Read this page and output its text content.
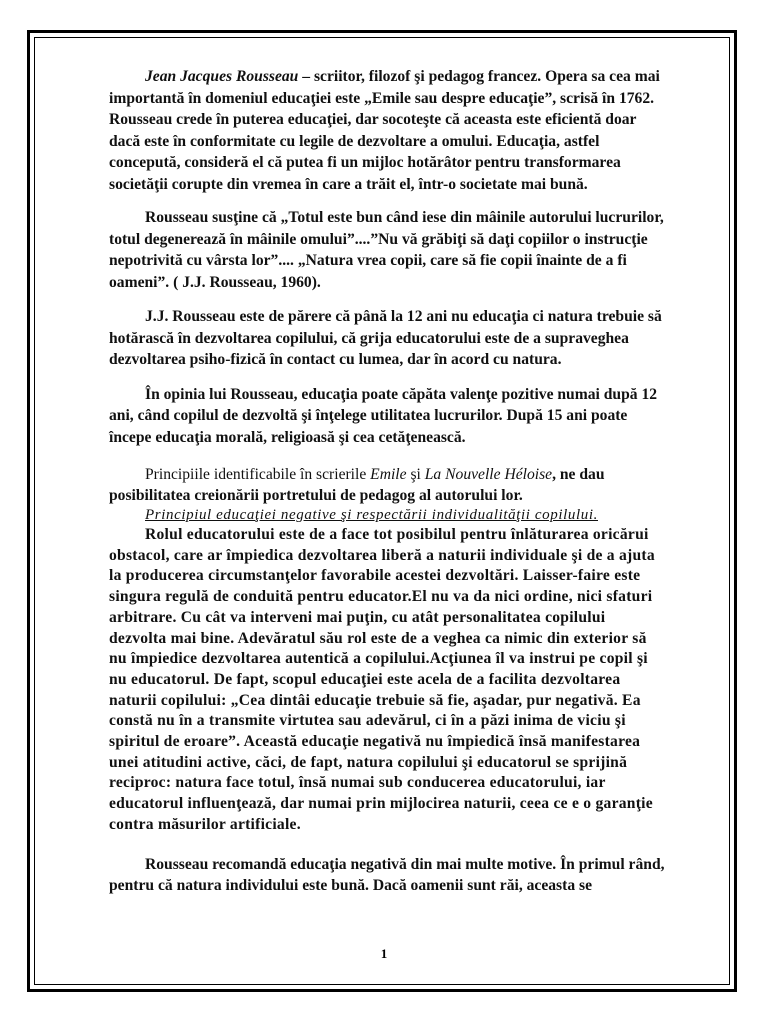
Jean Jacques Rousseau – scriitor, filozof şi pedagog francez. Opera sa cea mai importantă în domeniul educaţiei este „Emile sau despre educaţie”, scrisă în 1762. Rousseau crede în puterea educaţiei, dar socoteşte că aceasta este eficientă doar dacă este în conformitate cu legile de dezvoltare a omului. Educaţia, astfel concepută, consideră el că putea fi un mijloc hotărâtor pentru transformarea societăţii corupte din vremea în care a trăit el, într-o societate mai bună.

Rousseau susţine că „Totul este bun când iese din mâinile autorului lucrurilor, totul degenerează în mâinile omului”....”Nu vă grăbiţi să daţi copiilor o instrucţie nepotrivită cu vârsta lor”.... „Natura vrea copii, care să fie copii înainte de a fi oameni”. ( J.J. Rousseau, 1960).

J.J. Rousseau este de părere că până la 12 ani nu educaţia ci natura trebuie să hotărască în dezvoltarea copilului, că grija educatorului este de a supraveghea dezvoltarea psiho-fizică în contact cu lumea, dar în acord cu natura.

În opinia lui Rousseau, educaţia poate căpăta valenţe pozitive numai după 12 ani, când copilul de dezvoltă şi înţelege utilitatea lucrurilor. După 15 ani poate începe educaţia morală, religioasă şi cea cetăţenească.

Principiile identificabile în scrierile Emile şi La Nouvelle Héloise, ne dau posibilitatea creionării portretului de pedagog al autorului lor.

Principiul educaţiei negative şi respectării individualităţii copilului.

Rolul educatorului este de a face tot posibilul pentru înlăturarea oricărui obstacol, care ar împiedica dezvoltarea liberă a naturii individuale şi de a ajuta la producerea circumstanţelor favorabile acestei dezvoltări. Laisser-faire este singura regulă de conduită pentru educator.El nu va da nici ordine, nici sfaturi arbitrare. Cu cât va interveni mai puţin, cu atât personalitatea copilului dezvolta mai bine. Adevăratul său rol este de a veghea ca nimic din exterior să nu împiedice dezvoltarea autentică a copilului.Acţiunea îl va instrui pe copil şi nu educatorul. De fapt, scopul educaţiei este acela de a facilita dezvoltarea naturii copilului: „Cea dintâi educaţie trebuie să fie, aşadar, pur negativă. Ea constă nu în a transmite virtutea sau adevărul, ci în a păzi inima de viciu şi spiritul de eroare”. Această educaţie negativă nu împiedică însă manifestarea unei atitudini active, căci, de fapt, natura copilului şi educatorul se sprijină reciproc: natura face totul, însă numai sub conducerea educatorului, iar educatorul influenţează, dar numai prin mijlocirea naturii, ceea ce e o garanţie contra măsurilor artificiale.

Rousseau recomandă educaţia negativă din mai multe motive. În primul rând, pentru că natura individului este bună. Dacă oamenii sunt răi, aceasta se

1
